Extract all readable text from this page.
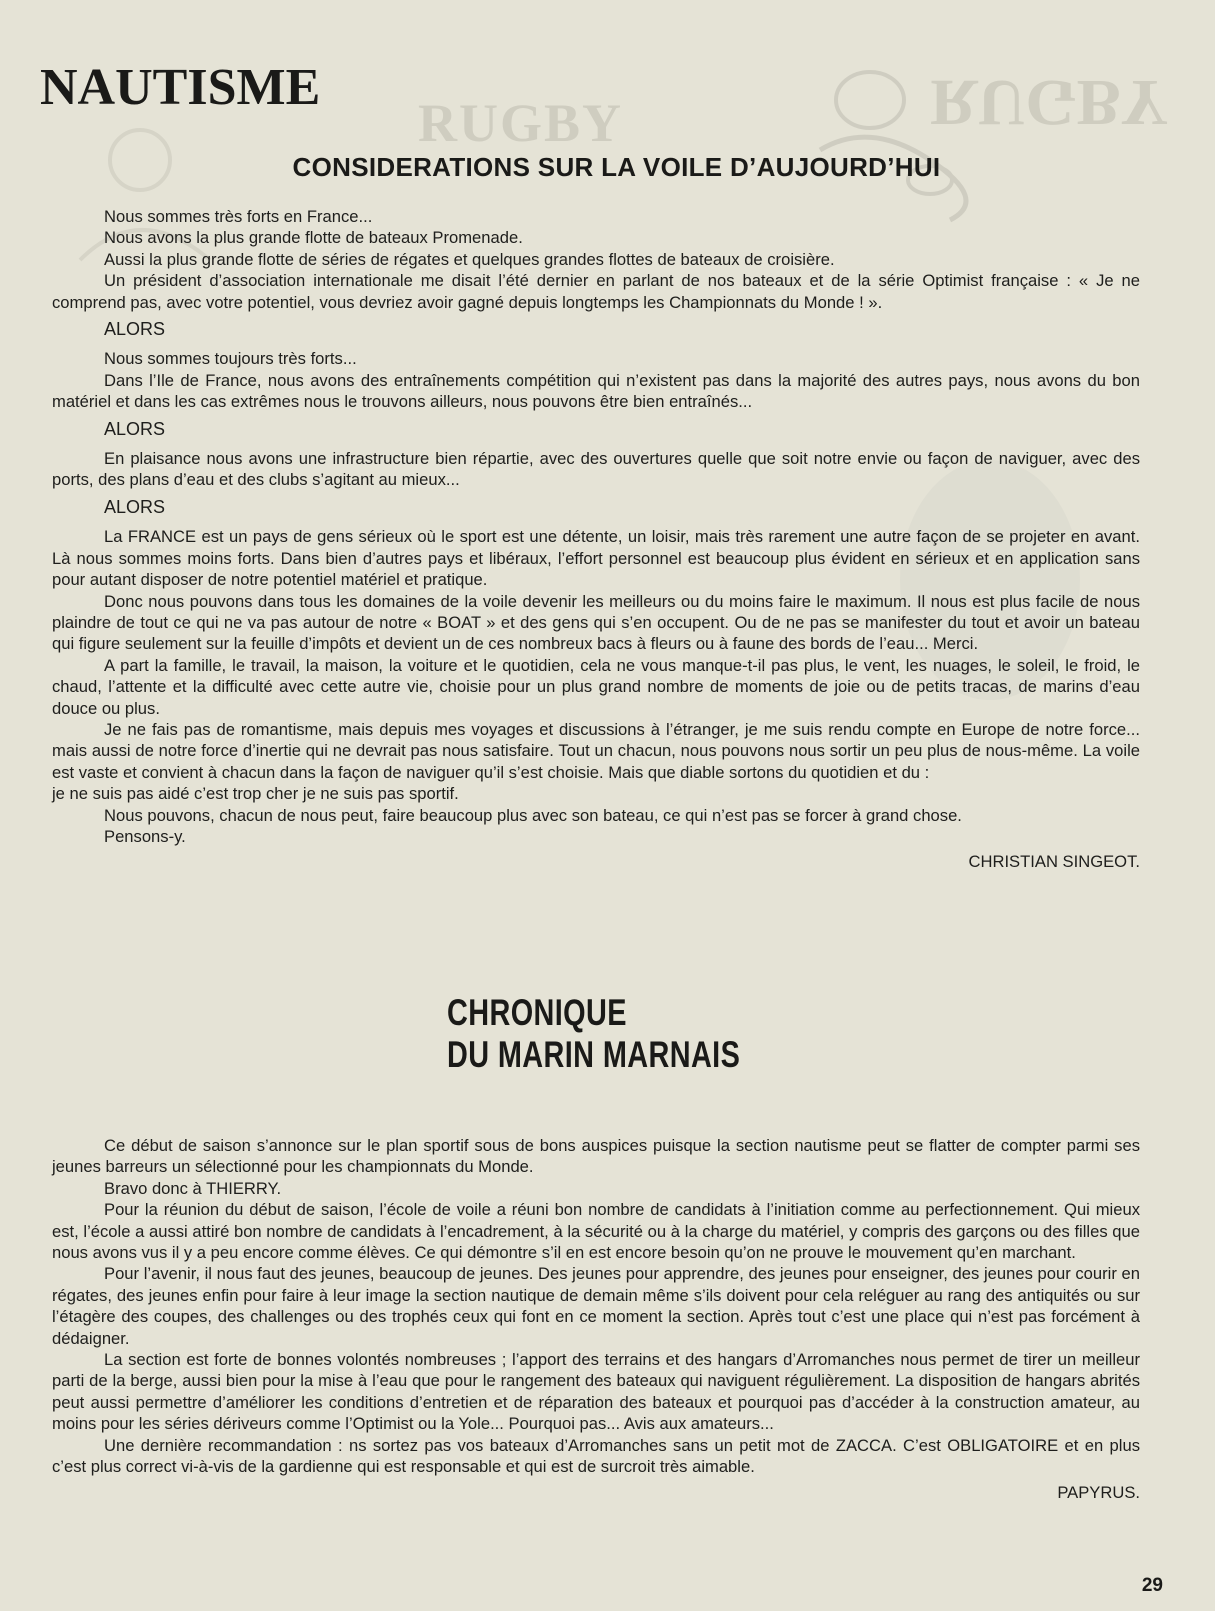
RUGBY	RUGBY
NAUTISME
CONSIDERATIONS SUR LA VOILE D’AUJOURD’HUI

Nous sommes très forts en France...

Nous avons la plus grande flotte de bateaux Promenade.

Aussi la plus grande flotte de séries de régates et quelques grandes flottes de bateaux de croisière.

Un président d’association internationale me disait l’été dernier en parlant de nos bateaux et de la série Optimist française : « Je ne comprend pas, avec votre potentiel, vous devriez avoir gagné depuis longtemps les Championnats du Monde ! ».

ALORS

Nous sommes toujours très forts...

Dans l’Ile de France, nous avons des entraînements compétition qui n’existent pas dans la majorité des autres pays, nous avons du bon matériel et dans les cas extrêmes nous le trouvons ailleurs, nous pouvons être bien entraînés...

ALORS

En plaisance nous avons une infrastructure bien répartie, avec des ouvertures quelle que soit notre envie ou façon de naviguer, avec des ports, des plans d’eau et des clubs s’agitant au mieux...

ALORS

La FRANCE est un pays de gens sérieux où le sport est une détente, un loisir, mais très rarement une autre façon de se projeter en avant. Là nous sommes moins forts. Dans bien d’autres pays et libéraux, l’effort personnel est beaucoup plus évident en sérieux et en application sans pour autant disposer de notre potentiel matériel et pratique.

Donc nous pouvons dans tous les domaines de la voile devenir les meilleurs ou du moins faire le maximum. Il nous est plus facile de nous plaindre de tout ce qui ne va pas autour de notre « BOAT » et des gens qui s’en occupent. Ou de ne pas se manifester du tout et avoir un bateau qui figure seulement sur la feuille d’impôts et devient un de ces nombreux bacs à fleurs ou à faune des bords de l’eau... Merci.

A part la famille, le travail, la maison, la voiture et le quotidien, cela ne vous manque-t-il pas plus, le vent, les nuages, le soleil, le froid, le chaud, l’attente et la difficulté avec cette autre vie, choisie pour un plus grand nombre de moments de joie ou de petits tracas, de marins d’eau douce ou plus.

Je ne fais pas de romantisme, mais depuis mes voyages et discussions à l’étranger, je me suis rendu compte en Europe de notre force... mais aussi de notre force d’inertie qui ne devrait pas nous satisfaire. Tout un chacun, nous pouvons nous sortir un peu plus de nous-même. La voile est vaste et convient à chacun dans la façon de naviguer qu’il s’est choisie. Mais que diable sortons du quotidien et du :

je ne suis pas aidé c’est trop cher je ne suis pas sportif.

Nous pouvons, chacun de nous peut, faire beaucoup plus avec son bateau, ce qui n’est pas se forcer à grand chose.

Pensons-y.

CHRISTIAN SINGEOT.

CHRONIQUE
DU MARIN MARNAIS

Ce début de saison s’annonce sur le plan sportif sous de bons auspices puisque la section nautisme peut se flatter de compter parmi ses jeunes barreurs un sélectionné pour les championnats du Monde.

Bravo donc à THIERRY.

Pour la réunion du début de saison, l’école de voile a réuni bon nombre de candidats à l’initiation comme au perfectionnement. Qui mieux est, l’école a aussi attiré bon nombre de candidats à l’encadrement, à la sécurité ou à la charge du matériel, y compris des garçons ou des filles que nous avons vus il y a peu encore comme élèves. Ce qui démontre s’il en est encore besoin qu’on ne prouve le mouvement qu’en marchant.

Pour l’avenir, il nous faut des jeunes, beaucoup de jeunes. Des jeunes pour apprendre, des jeunes pour enseigner, des jeunes pour courir en régates, des jeunes enfin pour faire à leur image la section nautique de demain même s’ils doivent pour cela reléguer au rang des antiquités ou sur l’étagère des coupes, des challenges ou des trophés ceux qui font en ce moment la section. Après tout c’est une place qui n’est pas forcément à dédaigner.

La section est forte de bonnes volontés nombreuses ; l’apport des terrains et des hangars d’Arromanches nous permet de tirer un meilleur parti de la berge, aussi bien pour la mise à l’eau que pour le rangement des bateaux qui naviguent régulièrement. La disposition de hangars abrités peut aussi permettre d’améliorer les conditions d’entretien et de réparation des bateaux et pourquoi pas d’accéder à la construction amateur, au moins pour les séries dériveurs comme l’Optimist ou la Yole... Pourquoi pas... Avis aux amateurs...

Une dernière recommandation : ns sortez pas vos bateaux d’Arromanches sans un petit mot de ZACCA. C’est OBLIGATOIRE et en plus c’est plus correct vi-à-vis de la gardienne qui est responsable et qui est de surcroit très aimable.

PAPYRUS.

29
